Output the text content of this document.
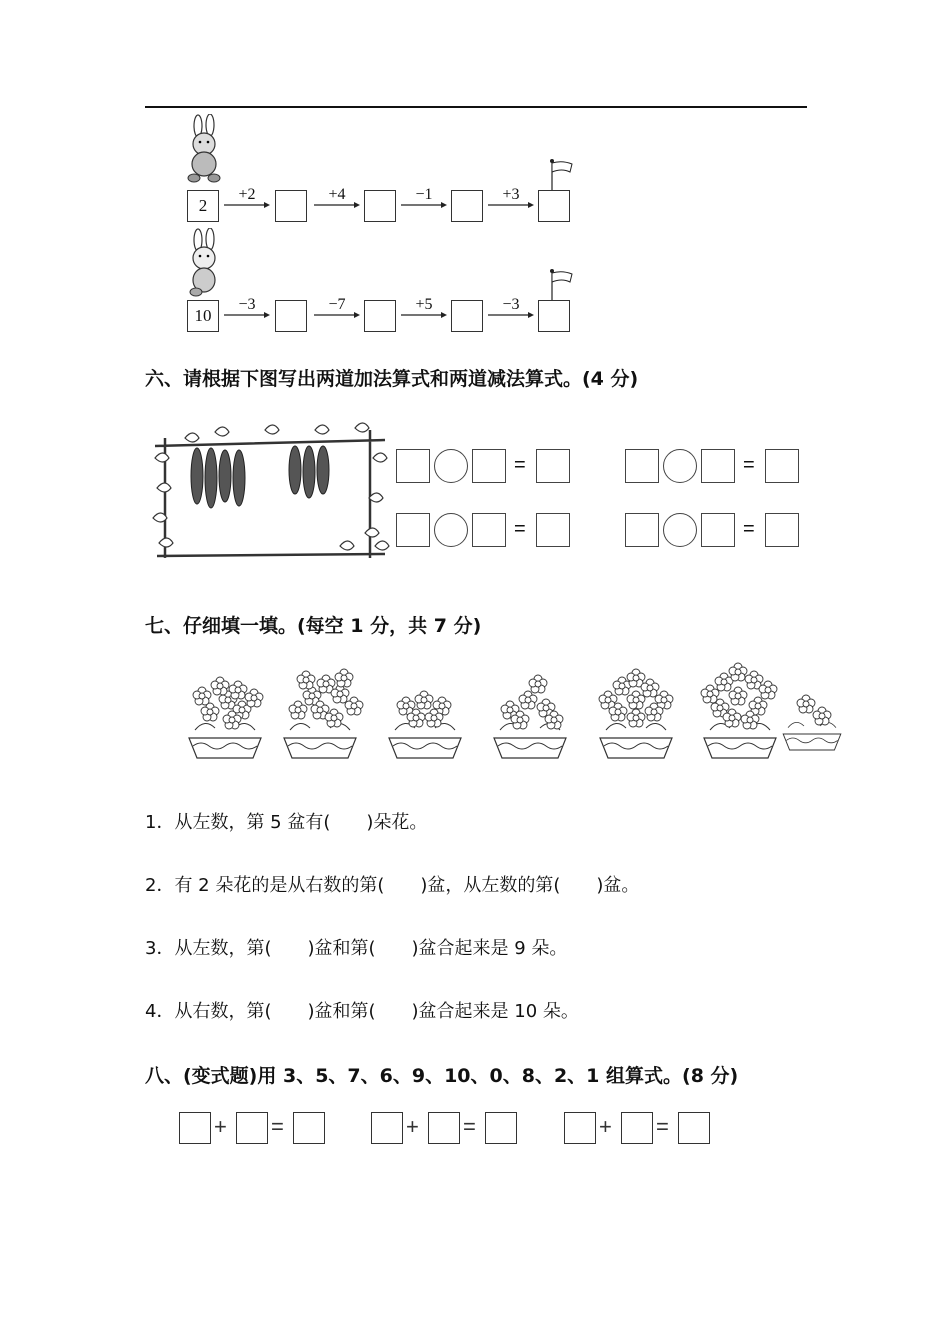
2
+2	+4	−1	+3
10
−3	−7	+5	−3
六、请根据下图写出两道加法算式和两道减法算式。(4 分)
=	=
=	=
七、仔细填一填。(每空 1 分，共 7 分)
1．从左数，第 5 盆有(　　)朵花。
2．有 2 朵花的是从右数的第(　　)盆，从左数的第(　　)盆。
3．从左数，第(　　)盆和第(　　)盆合起来是 9 朵。
4．从右数，第(　　)盆和第(　　)盆合起来是 10 朵。
八、(变式题)用 3、5、7、6、9、10、0、8、2、1 组算式。(8 分)
+ =	+ =	+ =
